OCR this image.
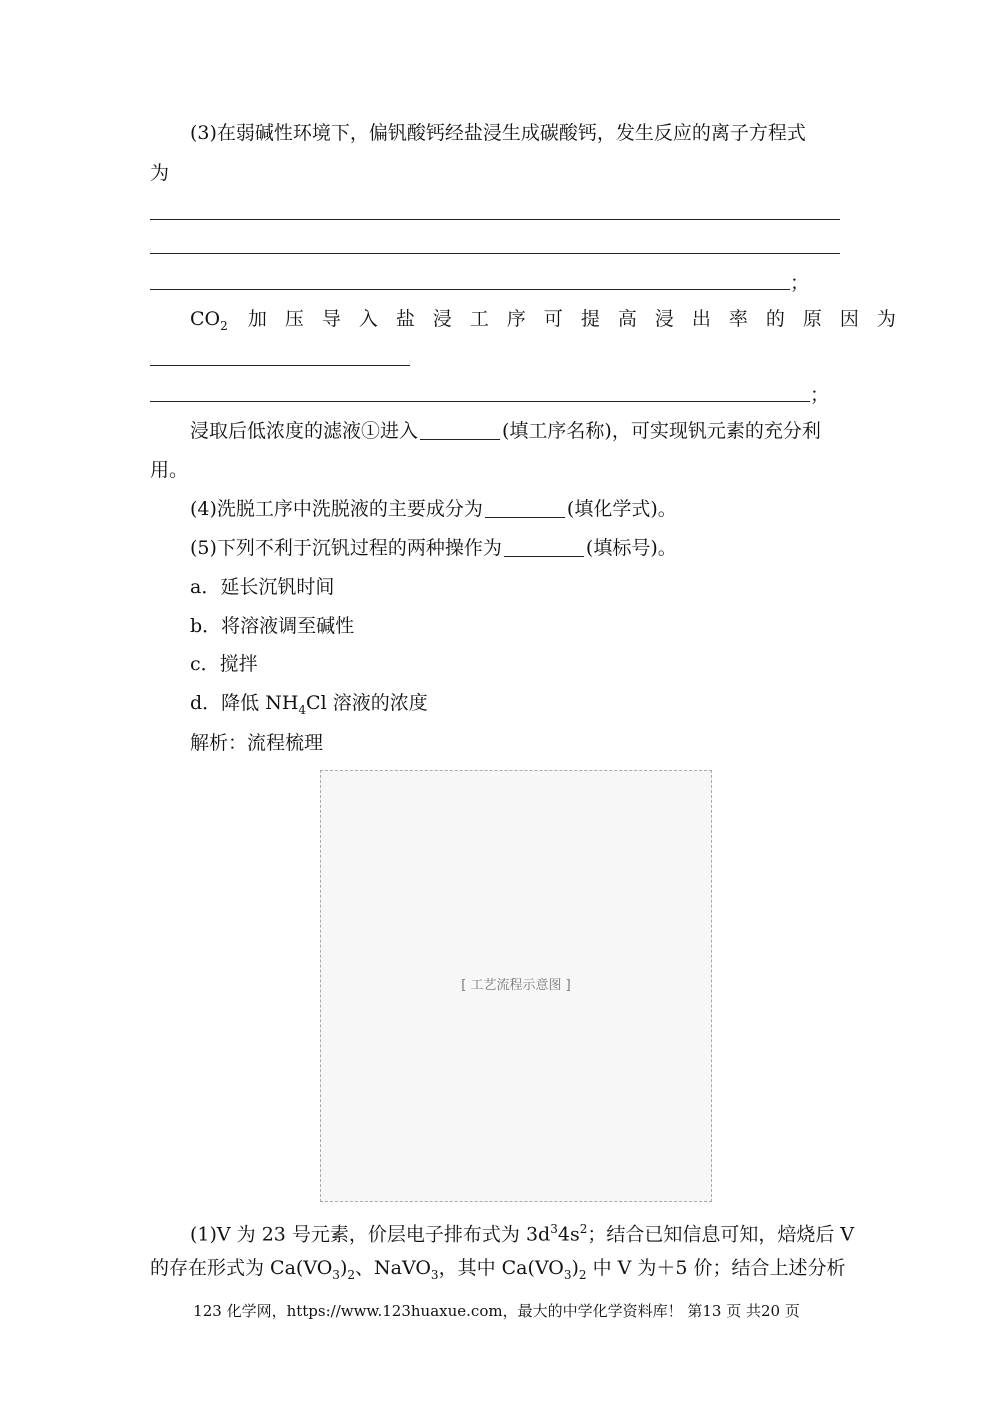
(3)在弱碱性环境下，偏钒酸钙经盐浸生成碳酸钙，发生反应的离子方程式
为
；
$CO_2$ 加压导入盐浸工序可提高浸出率的原因为
；
浸取后低浓度的滤液①进入	(填工序名称)，可实现钒元素的充分利
用。
(4)洗脱工序中洗脱液的主要成分为	(填化学式)。
(5)下列不利于沉钒过程的两种操作为	(填标号)。
a．延长沉钒时间
b．将溶液调至碱性
c．搅拌
d．降低 $NH_4Cl$ 溶液的浓度
解析：流程梳理
[ 工艺流程示意图 ]
(1)V 为 23 号元素，价层电子排布式为 $3d^34s^2$；结合已知信息可知，焙烧后 V
的存在形式为 $Ca(VO_3)_2$、NaVO$_3$，其中 $Ca(VO_3)_2$ 中 V 为＋5 价；结合上述分析
123 化学网，https://www.123huaxue.com，最大的中学化学资料库！ 第13 页 共20 页
